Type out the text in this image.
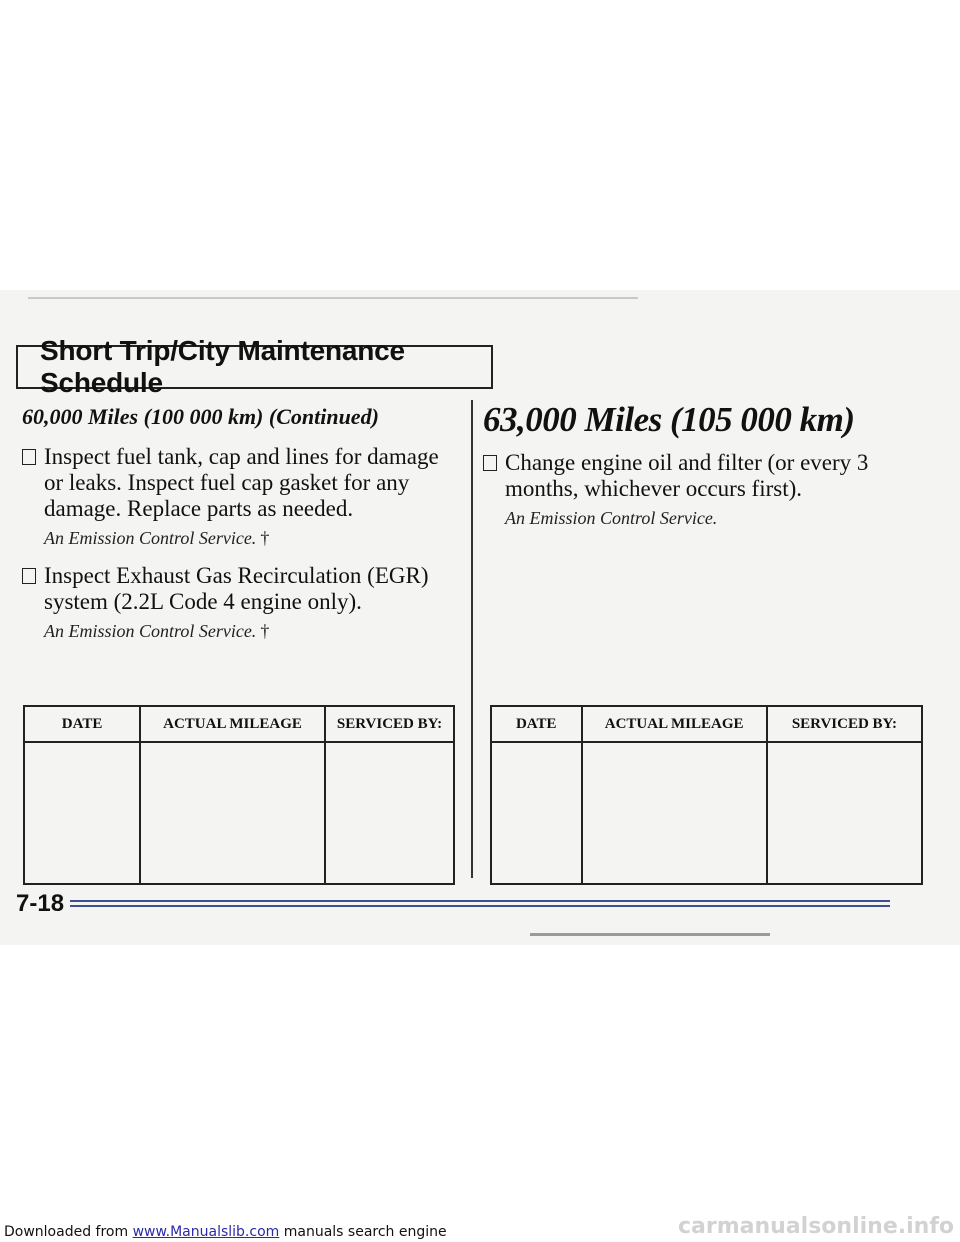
Short Trip/City Maintenance Schedule
60,000 Miles (100 000 km) (Continued)
Inspect fuel tank, cap and lines for damage or leaks. Inspect fuel cap gasket for any damage. Replace parts as needed.
An Emission Control Service. †
Inspect Exhaust Gas Recirculation (EGR) system (2.2L Code 4 engine only).
An Emission Control Service. †
63,000 Miles (105 000 km)
Change engine oil and filter (or every 3 months, whichever occurs first).
An Emission Control Service.
DATE	ACTUAL MILEAGE	SERVICED BY:
			DATE	ACTUAL MILEAGE	SERVICED BY:

7-18
Downloaded from www.Manualslib.com manuals search engine	carmanualsonline.info
